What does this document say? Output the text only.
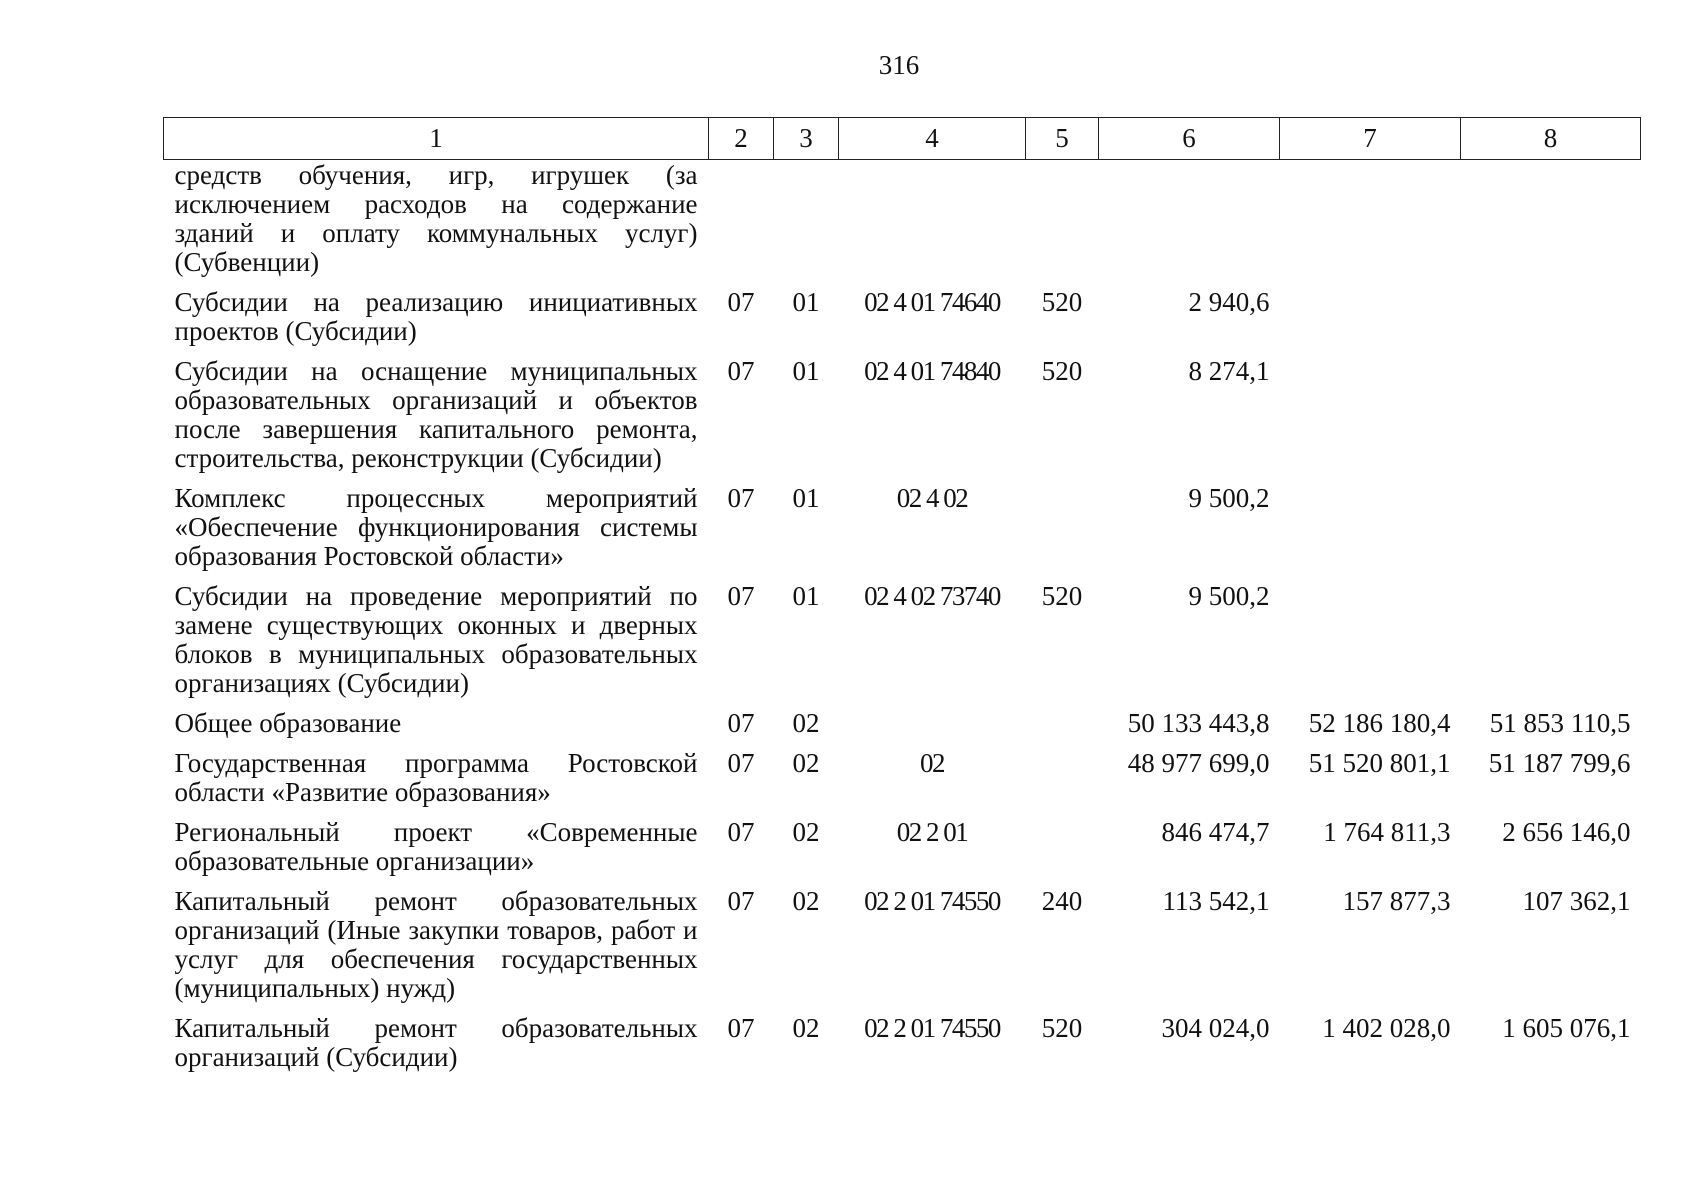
316
1	2	3	4	5	6	7	8
средств обучения, игр, игрушек (за исключением расходов на содержание зданий и оплату коммунальных услуг) (Субвенции)							
Субсидии на реализацию инициативных проектов (Субсидии)	07	01	02 4 01 74640	520	2 940,6		
Субсидии на оснащение муниципальных образовательных организаций и объектов после завершения капитального ремонта, строительства, реконструкции (Субсидии)	07	01	02 4 01 74840	520	8 274,1		
Комплекс процессных мероприятий «Обеспечение функционирования системы образования Ростовской области»	07	01	02 4 02		9 500,2		
Субсидии на проведение мероприятий по замене существующих оконных и дверных блоков в муниципальных образовательных организациях (Субсидии)	07	01	02 4 02 73740	520	9 500,2		
Общее образование	07	02			50 133 443,8	52 186 180,4	51 853 110,5
Государственная программа Ростовской области «Развитие образования»	07	02	02		48 977 699,0	51 520 801,1	51 187 799,6
Региональный проект «Современные образовательные организации»	07	02	02 2 01		846 474,7	1 764 811,3	2 656 146,0
Капитальный ремонт образовательных организаций (Иные закупки товаров, работ и услуг для обеспечения государственных (муниципальных) нужд)	07	02	02 2 01 74550	240	113 542,1	157 877,3	107 362,1
Капитальный ремонт образовательных организаций (Субсидии)	07	02	02 2 01 74550	520	304 024,0	1 402 028,0	1 605 076,1
